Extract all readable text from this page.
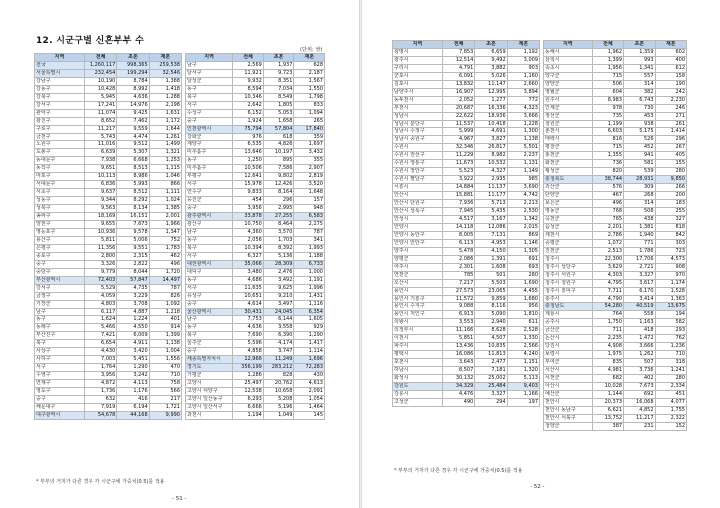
12. 시군구별 신혼부부 수
(단위: 쌍)
지역	전체	초혼	재혼
전국	1,260,117	998,365	259,538
서울특별시	232,454	199,294	32,546
강남구	10,190	8,784	1,388
강동구	10,428	8,992	1,418
강북구	5,945	4,636	1,288
강서구	17,241	14,976	2,198
관악구	11,074	9,425	1,631
광진구	8,652	7,462	1,172
구로구	11,217	9,559	1,644
금천구	5,743	4,474	1,261
노원구	11,016	9,512	1,499
도봉구	6,639	5,307	1,321
동대문구	7,938	6,668	1,253
동작구	9,651	8,513	1,115
마포구	10,113	8,986	1,046
서대문구	6,836	5,993	866
서초구	9,637	8,512	1,111
성동구	9,344	8,292	1,024
성북구	9,563	8,134	1,385
송파구	18,169	16,151	2,001
양천구	9,655	7,673	1,966
영등포구	10,936	9,578	1,347
용산구	5,811	5,006	752
은평구	11,356	9,551	1,783
종로구	2,800	2,315	462
중구	3,326	2,822	496
중랑구	9,779	8,044	1,720
부산광역시	72,403	57,847	14,497
강서구	5,529	4,735	787
금정구	4,059	3,229	826
기장군	4,803	3,708	1,092
남구	6,117	4,887	1,218
동구	1,624	1,224	401
동래구	5,466	4,550	914
부산진구	7,421	6,009	1,399
북구	6,654	4,911	1,138
사상구	4,430	3,420	1,004
사하구	7,003	5,451	1,556
서구	1,764	1,290	470
수영구	3,956	3,242	710
연제구	4,872	4,113	758
영도구	1,736	1,176	566
중구	632	416	217
해운대구	7,919	6,194	1,721
대구광역시	54,678	44,168	9,990
지역	전체	초혼	재혼
남구	2,569	1,937	628
달서구	11,921	9,723	2,187
달성군	9,932	8,351	1,567
동구	8,594	7,034	1,550
북구	10,346	8,549	1,798
서구	2,642	1,805	833
수성구	6,152	5,053	1,094
중구	1,924	1,658	265
인천광역시	75,794	57,804	17,840
강화군	976	618	359
계양구	6,535	4,826	1,697
미추홀구	13,646	10,197	3,432
동구	1,250	895	355
미추홀구	10,506	7,586	2,907
부평구	12,641	9,802	2,819
서구	15,978	12,426	3,520
연수구	9,833	8,164	1,648
옹진군	454	296	157
중구	3,956	2,995	948
광주광역시	33,878	27,255	6,583
광산구	10,750	8,464	2,275
남구	4,360	3,570	787
동구	2,056	1,703	341
북구	10,394	8,392	1,993
서구	6,327	5,136	1,188
대전광역시	35,066	28,309	6,733
대덕구	3,480	2,476	1,000
동구	4,686	3,492	1,191
서구	11,635	9,625	1,996
유성구	10,651	9,210	1,431
중구	4,614	3,497	1,116
울산광역시	30,431	24,045	6,354
남구	7,753	6,144	1,605
동구	4,636	3,558	929
북구	7,690	6,390	1,290
울주군	5,596	4,174	1,417
중구	4,858	3,747	1,114
세종특별자치시	12,966	11,249	1,696
경기도	356,199	283,212	72,283
가평군	1,286	828	430
고양시	25,497	20,762	4,613
고양시 덕양구	12,538	10,658	2,091
고양시 일산동구	6,293	5,208	1,054
고양시 일산서구	6,666	5,196	1,464
과천시	1,194	1,049	145
* 부부의 거처가 다른 경우 각 시군구에 가중치(0.5)를 적용
- 51 -
지역	전체	초혼	재혼
광명시	7,853	6,659	1,192
광주시	12,514	9,492	3,009
구리시	4,791	3,882	903
군포시	6,091	5,026	1,160
김포시	13,832	11,147	2,660
남양주시	16,907	12,995	3,894
동두천시	2,052	1,277	772
부천시	20,687	16,336	4,323
성남시	22,622	18,936	3,666
성남시 분당구	11,537	10,418	1,228
성남시 수정구	5,999	4,691	1,300
성남시 중원구	4,967	3,827	1,138
수원시	32,346	26,817	5,501
수원시 권선구	11,229	8,982	2,237
수원시 영통구	11,673	10,532	1,131
수원시 장안구	5,523	4,327	1,149
수원시 팔달구	3,922	2,935	985
시흥시	14,884	11,137	3,690
안산시	15,881	11,177	4,742
안산시 단원구	7,936	5,713	2,213
안산시 상록구	7,945	5,435	2,530
안성시	4,517	3,167	1,342
안양시	14,118	12,086	2,015
안양시 동안구	8,005	7,131	869
안양시 만안구	6,113	4,953	1,146
양주시	5,478	4,150	1,305
양평군	2,086	1,391	691
여주시	2,301	1,608	693
연천군	785	501	280
오산시	7,217	5,503	1,690
용인시	27,573	23,065	4,455
용인시 기흥구	11,572	9,859	1,680
용인시 수지구	9,088	8,116	956
용인시 처인구	6,913	5,090	1,810
의왕시	3,553	2,940	611
의정부시	11,166	8,628	2,528
이천시	5,851	4,507	1,330
파주시	13,436	10,835	2,566
평택시	16,086	11,813	4,240
포천시	3,643	2,477	1,151
하남시	8,507	7,181	1,320
화성시	30,132	25,002	5,113
강원도	34,329	25,484	9,403
강릉시	4,476	3,327	1,166
고성군	490	294	197
지역	전체	초혼	재혼
동해시	1,962	1,359	602
삼척시	1,399	993	400
속초시	1,956	1,341	612
양구군	715	557	158
양양군	506	314	190
영월군	604	382	242
원주시	8,983	6,743	2,230
인제군	978	730	246
정선군	735	453	271
철원군	1,199	938	261
춘천시	6,603	5,175	1,414
태백시	816	526	296
평창군	715	452	267
홍천군	1,355	941	405
화천군	736	581	155
횡성군	820	539	280
충청북도	38,744	28,931	9,850
괴산군	576	309	266
단양군	467	268	200
보은군	496	314	183
영동군	768	508	255
옥천군	765	438	327
음성군	2,201	1,381	818
제천시	2,786	1,940	842
증평군	1,072	771	303
진천군	2,513	1,786	723
청주시	22,300	17,706	4,573
청주시 상당구	3,629	2,721	908
청주시 서원구	4,303	3,327	970
청주시 청원구	4,795	3,617	1,174
청주시 흥덕구	7,711	6,170	1,528
충주시	4,790	3,414	1,363
충청남도	54,280	40,519	13,675
계룡시	764	558	194
공주시	1,750	1,163	582
금산군	711	418	293
논산시	2,235	1,472	762
당진시	4,908	3,666	1,236
보령시	1,975	1,262	710
부여군	835	507	318
서산시	4,981	3,736	1,241
서천군	682	402	280
아산시	10,028	7,673	2,334
예산군	1,144	692	451
천안시	20,373	16,068	4,077
천안시 동남구	6,621	4,852	1,755
천안시 서북구	13,752	11,217	2,322
청양군	387	231	152
* 부부의 거처가 다른 경우 각 시군구에 가중치(0.5)를 적용
- 52 -
